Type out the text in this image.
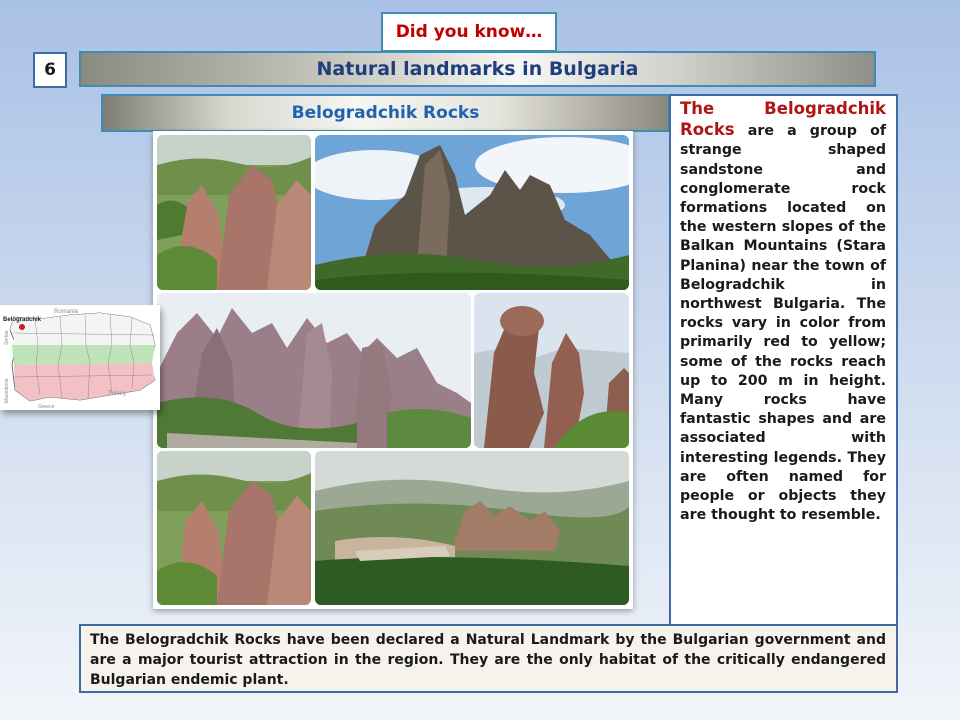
Did you know…
6	Natural landmarks in Bulgaria
Belogradchik Rocks
Belogradchik
Romania
Serbia
Macedonia
Greece
Turkey
The Belogradchik Rocks are a group of strange shaped sandstone and conglomerate rock formations located on the western slopes of the Balkan Mountains (Stara Planina) near the town of Belogradchik in northwest Bulgaria. The rocks vary in color from primarily red to yellow; some of the rocks reach up to 200 m in height. Many rocks have fantastic shapes and are associated with interesting legends. They are often named for people or objects they are thought to resemble.
The Belogradchik Rocks have been declared a Natural Landmark by the Bulgarian government and are a major tourist attraction in the region. They are the only habitat of the critically endangered Bulgarian endemic plant.
